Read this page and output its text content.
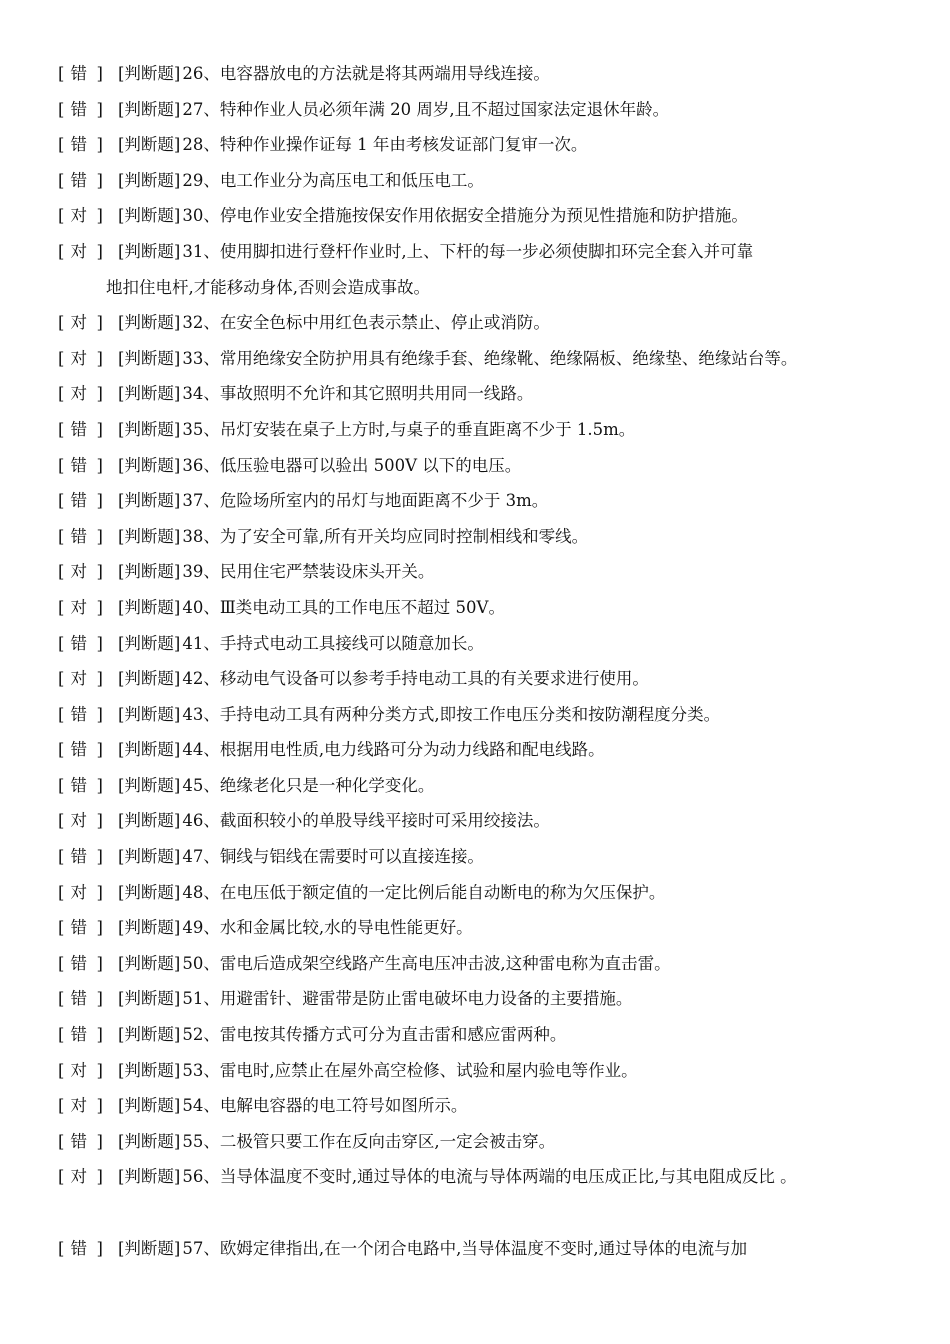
[ 错 ] [判断题] 26、电容器放电的方法就是将其两端用导线连接。
[ 错 ] [判断题] 27、特种作业人员必须年满 20 周岁,且不超过国家法定退休年龄。
[ 错 ] [判断题] 28、特种作业操作证每 1 年由考核发证部门复审一次。
[ 错 ] [判断题] 29、电工作业分为高压电工和低压电工。
[ 对 ] [判断题] 30、停电作业安全措施按保安作用依据安全措施分为预见性措施和防护措施。
[ 对 ] [判断题] 31、使用脚扣进行登杆作业时,上、下杆的每一步必须使脚扣环完全套入并可靠
地扣住电杆,才能移动身体,否则会造成事故。
[ 对 ] [判断题] 32、在安全色标中用红色表示禁止、停止或消防。
[ 对 ] [判断题] 33、常用绝缘安全防护用具有绝缘手套、绝缘靴、绝缘隔板、绝缘垫、绝缘站台等。
[ 对 ] [判断题] 34、事故照明不允许和其它照明共用同一线路。
[ 错 ] [判断题] 35、吊灯安装在桌子上方时,与桌子的垂直距离不少于 1.5m。
[ 错 ] [判断题] 36、低压验电器可以验出 500V 以下的电压。
[ 错 ] [判断题] 37、危险场所室内的吊灯与地面距离不少于 3m。
[ 错 ] [判断题] 38、为了安全可靠,所有开关均应同时控制相线和零线。
[ 对 ] [判断题] 39、民用住宅严禁装设床头开关。
[ 对 ] [判断题] 40、Ⅲ类电动工具的工作电压不超过 50V。
[ 错 ] [判断题] 41、手持式电动工具接线可以随意加长。
[ 对 ] [判断题] 42、移动电气设备可以参考手持电动工具的有关要求进行使用。
[ 错 ] [判断题] 43、手持电动工具有两种分类方式,即按工作电压分类和按防潮程度分类。
[ 错 ] [判断题] 44、根据用电性质,电力线路可分为动力线路和配电线路。
[ 错 ] [判断题] 45、绝缘老化只是一种化学变化。
[ 对 ] [判断题] 46、截面积较小的单股导线平接时可采用绞接法。
[ 错 ] [判断题] 47、铜线与铝线在需要时可以直接连接。
[ 对 ] [判断题] 48、在电压低于额定值的一定比例后能自动断电的称为欠压保护。
[ 错 ] [判断题] 49、水和金属比较,水的导电性能更好。
[ 错 ] [判断题] 50、雷电后造成架空线路产生高电压冲击波,这种雷电称为直击雷。
[ 错 ] [判断题] 51、用避雷针、避雷带是防止雷电破坏电力设备的主要措施。
[ 错 ] [判断题] 52、雷电按其传播方式可分为直击雷和感应雷两种。
[ 对 ] [判断题] 53、雷电时,应禁止在屋外高空检修、试验和屋内验电等作业。
[ 对 ] [判断题] 54、电解电容器的电工符号如图所示。
[ 错 ] [判断题] 55、二极管只要工作在反向击穿区,一定会被击穿。
[ 对 ] [判断题] 56、当导体温度不变时,通过导体的电流与导体两端的电压成正比,与其电阻成反比 。
[ 错 ] [判断题] 57、欧姆定律指出,在一个闭合电路中,当导体温度不变时,通过导体的电流与加
